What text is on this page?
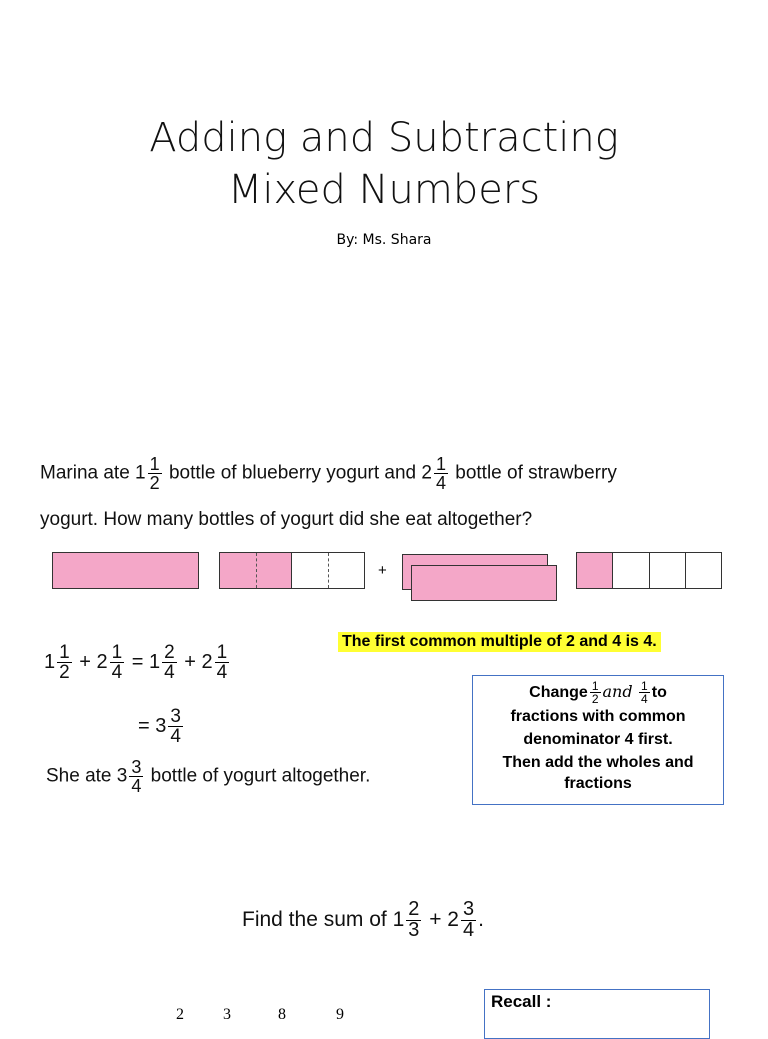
Adding and Subtracting
Mixed Numbers
By: Ms. Shara
Marina ate $1 \frac{1}{2}$ bottle of blueberry yogurt and $2 \frac{1}{4}$ bottle of strawberry
yogurt. How many bottles of yogurt did she eat altogether?
+
The first common multiple of 2 and 4 is 4.
$1 \frac{1}{2} + 2 \frac{1}{4} = 1 \frac{2}{4} + 2 \frac{1}{4}$
= $3 \frac{3}{4}$
She ate $3 \frac{3}{4}$ bottle of yogurt altogether.
Change $\frac{1}{2}$ and $\frac{1}{4}$ to
fractions with common
denominator 4 first.
Then add the wholes and
fractions
Find the sum of $1 \frac{2}{3} + 2 \frac{3}{4}$ .
2 3	8	9
Recall :
